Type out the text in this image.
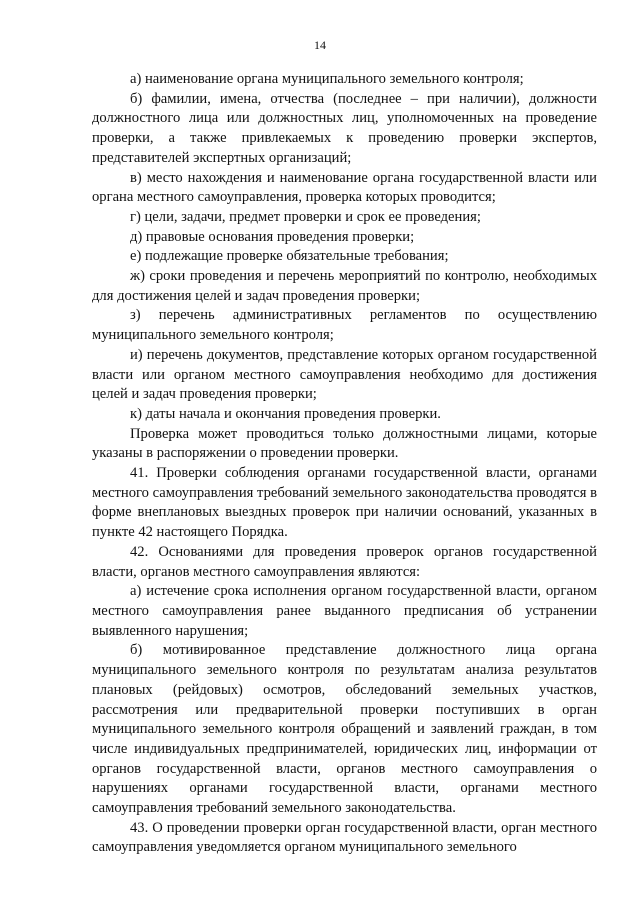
14

а) наименование органа муниципального земельного контроля;

б) фамилии, имена, отчества (последнее – при наличии), должности должностного лица или должностных лиц, уполномоченных на проведение проверки, а также привлекаемых к проведению проверки экспертов, представителей экспертных организаций;

в) место нахождения и наименование органа государственной власти или органа местного самоуправления, проверка которых проводится;

г) цели, задачи, предмет проверки и срок ее проведения;

д) правовые основания проведения проверки;

е) подлежащие проверке обязательные требования;

ж) сроки проведения и перечень мероприятий по контролю, необходимых для достижения целей и задач проведения проверки;

з) перечень административных регламентов по осуществлению муниципального земельного контроля;

и) перечень документов, представление которых органом государственной власти или органом местного самоуправления необходимо для достижения целей и задач проведения проверки;

к) даты начала и окончания проведения проверки.

Проверка может проводиться только должностными лицами, которые указаны в распоряжении о проведении проверки.

41. Проверки соблюдения органами государственной власти, органами местного самоуправления требований земельного законодательства проводятся в форме внеплановых выездных проверок при наличии оснований, указанных в пункте 42 настоящего Порядка.

42. Основаниями для проведения проверок органов государственной власти, органов местного самоуправления являются:

а) истечение срока исполнения органом государственной власти, органом местного самоуправления ранее выданного предписания об устранении выявленного нарушения;

б) мотивированное представление должностного лица органа муниципального земельного контроля по результатам анализа результатов плановых (рейдовых) осмотров, обследований земельных участков, рассмотрения или предварительной проверки поступивших в орган муниципального земельного контроля обращений и заявлений граждан, в том числе индивидуальных предпринимателей, юридических лиц, информации от органов государственной власти, органов местного самоуправления о нарушениях органами государственной власти, органами местного самоуправления требований земельного законодательства.

43. О проведении проверки орган государственной власти, орган местного самоуправления уведомляется органом муниципального земельного
